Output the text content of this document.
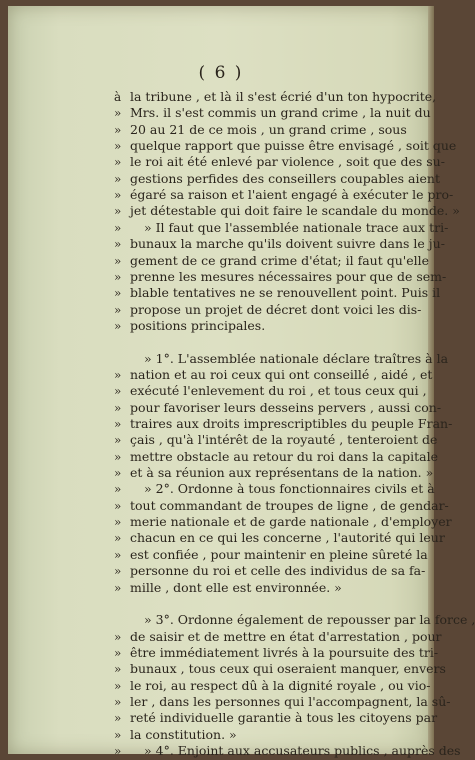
( 6 )
à la tribune , et là il s'est écrié d'un ton hypocrite,
» Mrs. il s'est commis un grand crime , la nuit du
» 20 au 21 de ce mois , un grand crime , sous
» quelque rapport que puisse être envisagé , soit que
» le roi ait été enlevé par violence , soit que des su-
» gestions perfides des conseillers coupables aient
» égaré sa raison et l'aient engagé à exécuter le pro-
» jet détestable qui doit faire le scandale du monde. »
» » Il faut que l'assemblée nationale trace aux tri-
» bunaux la marche qu'ils doivent suivre dans le ju-
» gement de ce grand crime d'état; il faut qu'elle
» prenne les mesures nécessaires pour que de sem-
» blable tentatives ne se renouvellent point. Puis il
» propose un projet de décret dont voici les dis-
» positions principales.
» 1°. L'assemblée nationale déclare traîtres à la
» nation et au roi ceux qui ont conseillé , aidé , et
» exécuté l'enlevement du roi , et tous ceux qui ,
» pour favoriser leurs desseins pervers , aussi con-
» traires aux droits imprescriptibles du peuple Fran-
» çais , qu'à l'intérêt de la royauté , tenteroient de
» mettre obstacle au retour du roi dans la capitale
» et à sa réunion aux représentans de la nation. »
» » 2°. Ordonne à tous fonctionnaires civils et à
» tout commandant de troupes de ligne , de gendar-
» merie nationale et de garde nationale , d'employer
» chacun en ce qui les concerne , l'autorité qui leur
» est confiée , pour maintenir en pleine sûreté la
» personne du roi et celle des individus de sa fa-
» mille , dont elle est environnée. »
» 3°. Ordonne également de repousser par la force ,
» de saisir et de mettre en état d'arrestation , pour
» être immédiatement livrés à la poursuite des tri-
» bunaux , tous ceux qui oseraient manquer, envers
» le roi, au respect dû à la dignité royale , ou vio-
» ler , dans les personnes qui l'accompagnent, la sû-
» reté individuelle garantie à tous les citoyens par
» la constitution. »
» » 4°. Enjoint aux accusateurs publics , auprès des
